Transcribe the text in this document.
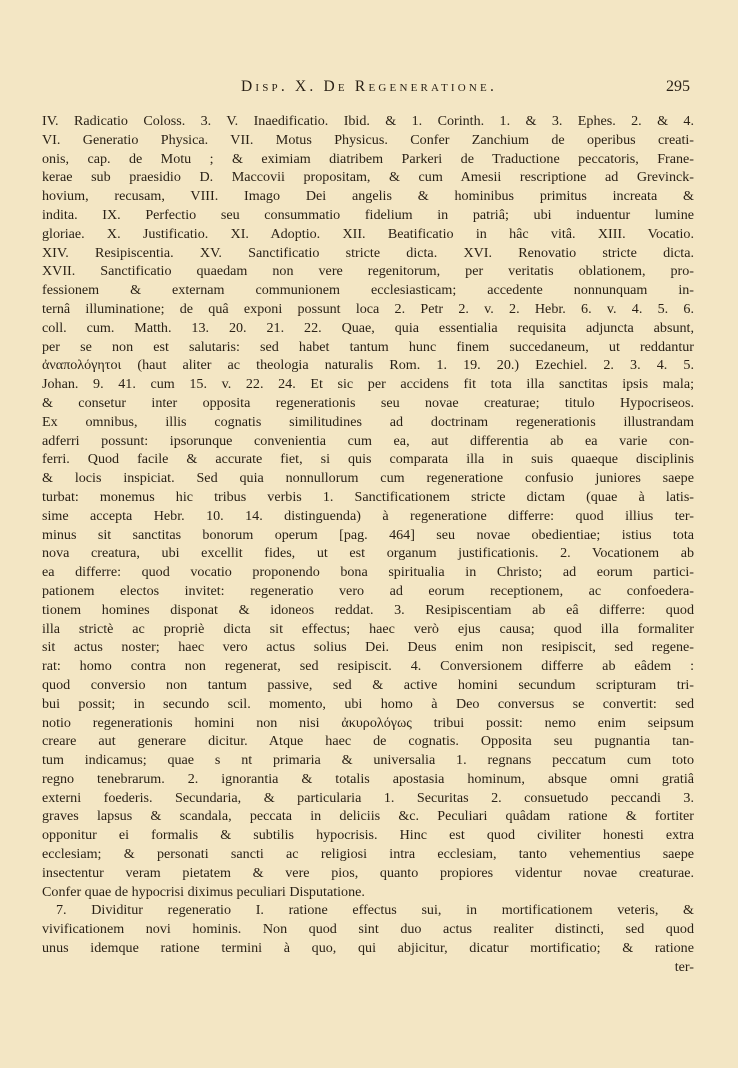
Disp. X. De Regeneratione.	295

IV. Radicatio Coloss. 3. V. Inaedificatio. Ibid. & 1. Corinth. 1. & 3. Ephes. 2. & 4.

VI. Generatio Physica. VII. Motus Physicus. Confer Zanchium de operibus creati-

onis, cap. de Motu ; & eximiam diatribem Parkeri de Traductione peccatoris, Frane-

kerae sub praesidio D. Maccovii propositam, & cum Amesii rescriptione ad Grevinck-

hovium, recusam, VIII. Imago Dei angelis & hominibus primitus increata &

indita. IX. Perfectio seu consummatio fidelium in patriâ; ubi induentur lumine

gloriae. X. Justificatio. XI. Adoptio. XII. Beatificatio in hâc vitâ. XIII. Vocatio.

XIV. Resipiscentia. XV. Sanctificatio stricte dicta. XVI. Renovatio stricte dicta.

XVII. Sanctificatio quaedam non vere regenitorum, per veritatis oblationem, pro-

fessionem & externam communionem ecclesiasticam; accedente nonnunquam in-

ternâ illuminatione; de quâ exponi possunt loca 2. Petr 2. v. 2. Hebr. 6. v. 4. 5. 6.

coll. cum. Matth. 13. 20. 21. 22. Quae, quia essentialia requisita adjuncta absunt,

per se non est salutaris: sed habet tantum hunc finem succedaneum, ut reddantur

ἀναπολόγητοι (haut aliter ac theologia naturalis Rom. 1. 19. 20.) Ezechiel. 2. 3. 4. 5.

Johan. 9. 41. cum 15. v. 22. 24. Et sic per accidens fit tota illa sanctitas ipsis mala;

& consetur inter opposita regenerationis seu novae creaturae; titulo Hypocriseos.

Ex omnibus, illis cognatis similitudines ad doctrinam regenerationis illustrandam

adferri possunt: ipsorunque convenientia cum ea, aut differentia ab ea varie con-

ferri. Quod facile & accurate fiet, si quis comparata illa in suis quaeque disciplinis

& locis inspiciat. Sed quia nonnullorum cum regeneratione confusio juniores saepe

turbat: monemus hic tribus verbis 1. Sanctificationem stricte dictam (quae à latis-

sime accepta Hebr. 10. 14. distinguenda) à regeneratione differre: quod illius ter-

minus sit sanctitas bonorum operum [pag. 464] seu novae obedientiae; istius tota

nova creatura, ubi excellit fides, ut est organum justificationis. 2. Vocationem ab

ea differre: quod vocatio proponendo bona spiritualia in Christo; ad eorum partici-

pationem electos invitet: regeneratio vero ad eorum receptionem, ac confoedera-

tionem homines disponat & idoneos reddat. 3. Resipiscentiam ab eâ differre: quod

illa strictè ac propriè dicta sit effectus; haec verò ejus causa; quod illa formaliter

sit actus noster; haec vero actus solius Dei. Deus enim non resipiscit, sed regene-

rat: homo contra non regenerat, sed resipiscit. 4. Conversionem differre ab eâdem :

quod conversio non tantum passive, sed & active homini secundum scripturam tri-

bui possit; in secundo scil. momento, ubi homo à Deo conversus se convertit: sed

notio regenerationis homini non nisi ἀκυρολόγως tribui possit: nemo enim seipsum

creare aut generare dicitur. Atque haec de cognatis. Opposita seu pugnantia tan-

tum indicamus; quae s nt primaria & universalia 1. regnans peccatum cum toto

regno tenebrarum. 2. ignorantia & totalis apostasia hominum, absque omni gratiâ

externi foederis. Secundaria, & particularia 1. Securitas 2. consuetudo peccandi 3.

graves lapsus & scandala, peccata in deliciis &c. Peculiari quâdam ratione & fortiter

opponitur ei formalis & subtilis hypocrisis. Hinc est quod civiliter honesti extra

ecclesiam; & personati sancti ac religiosi intra ecclesiam, tanto vehementius saepe

insectentur veram pietatem & vere pios, quanto propiores videntur novae creaturae.

Confer quae de hypocrisi diximus peculiari Disputatione.

7. Dividitur regeneratio I. ratione effectus sui, in mortificationem veteris, &

vivificationem novi hominis. Non quod sint duo actus realiter distincti, sed quod

unus idemque ratione termini à quo, qui abjicitur, dicatur mortificatio; & ratione

ter-
